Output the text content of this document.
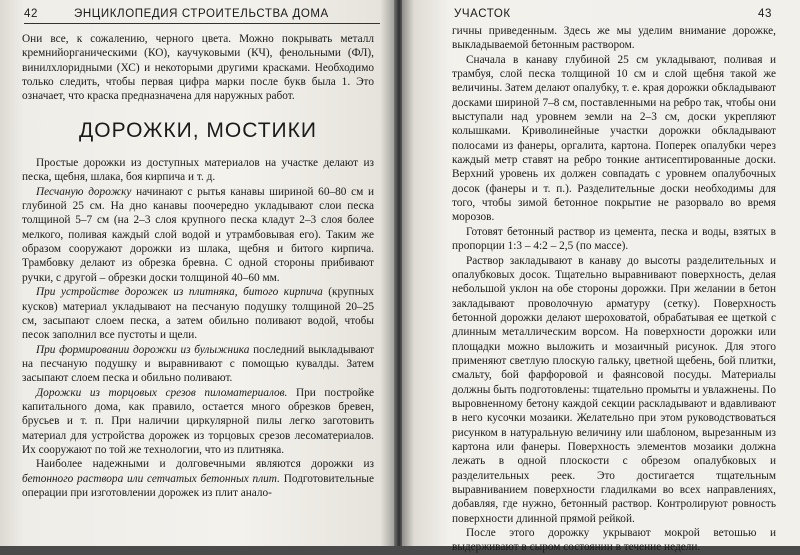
42	ЭНЦИКЛОПЕДИЯ СТРОИТЕЛЬСТВА ДОМА

Они все, к сожалению, черного цвета. Можно покрывать металл кремнийорганическими (КО), каучуковыми (КЧ), фенольными (ФЛ), винилхлоридными (ХС) и некоторыми другими красками. Необходимо только следить, чтобы первая цифра марки после букв была 1. Это означает, что краска предназначена для наружных работ.

ДОРОЖКИ, МОСТИКИ

Простые дорожки из доступных материалов на участке делают из песка, щебня, шлака, боя кирпича и т. д.

Песчаную дорожку начинают с рытья канавы шириной 60–80 см и глубиной 25 см. На дно канавы поочередно укладывают слои песка толщиной 5–7 см (на 2–3 слоя крупного песка кладут 2–3 слоя более мелкого, поливая каждый слой водой и утрамбовывая его). Таким же образом сооружают дорожки из шлака, щебня и битого кирпича. Трамбовку делают из обрезка бревна. С одной стороны прибивают ручки, с другой – обрезки доски толщиной 40–60 мм.

При устройстве дорожек из плитняка, битого кирпича (крупных кусков) материал укладывают на песчаную подушку толщиной 20–25 см, засыпают слоем песка, а затем обильно поливают водой, чтобы песок заполнил все пустоты и щели.

При формировании дорожки из булыжника последний выкладывают на песчаную подушку и выравнивают с помощью кувалды. Затем засыпают слоем песка и обильно поливают.

Дорожки из торцовых срезов пиломатериалов. При постройке капитального дома, как правило, остается много обрезков бревен, брусьев и т. п. При наличии циркулярной пилы легко заготовить материал для устройства дорожек из торцовых срезов лесоматериалов. Их сооружают по той же технологии, что из плитняка.

Наиболее надежными и долговечными являются дорожки из бетонного раствора или сетчатых бетонных плит. Подготовительные операции при изготовлении дорожек из плит анало-

УЧАСТОК	43

гичны приведенным. Здесь же мы уделим внимание дорожке, выкладываемой бетонным раствором.

Сначала в канаву глубиной 25 см укладывают, поливая и трамбуя, слой песка толщиной 10 см и слой щебня такой же величины. Затем делают опалубку, т. е. края дорожки обкладывают досками шириной 7–8 см, поставленными на ребро так, чтобы они выступали над уровнем земли на 2–3 см, доски укрепляют колышками. Криволинейные участки дорожки обкладывают полосами из фанеры, оргалита, картона. Поперек опалубки через каждый метр ставят на ребро тонкие антисептированные доски. Верхний уровень их должен совпадать с уровнем опалубочных досок (фанеры и т. п.). Разделительные доски необходимы для того, чтобы зимой бетонное покрытие не разорвало во время морозов.

Готовят бетонный раствор из цемента, песка и воды, взятых в пропорции 1:3 – 4:2 – 2,5 (по массе).

Раствор закладывают в канаву до высоты разделительных и опалубковых досок. Тщательно выравнивают поверхность, делая небольшой уклон на обе стороны дорожки. При желании в бетон закладывают проволочную арматуру (сетку). Поверхность бетонной дорожки делают шероховатой, обрабатывая ее щеткой с длинным металлическим ворсом. На поверхности дорожки или площадки можно выложить и мозаичный рисунок. Для этого применяют светлую плоскую гальку, цветной щебень, бой плитки, смальту, бой фарфоровой и фаянсовой посуды. Материалы должны быть подготовлены: тщательно промыты и увлажнены. По выровненному бетону каждой секции раскладывают и вдавливают в него кусочки мозаики. Желательно при этом руководствоваться рисунком в натуральную величину или шаблоном, вырезанным из картона или фанеры. Поверхность элементов мозаики должна лежать в одной плоскости с обрезом опалубковых и разделительных реек. Это достигается тщательным выравниванием поверхности гладилками во всех направлениях, добавляя, где нужно, бетонный раствор. Контролируют ровность поверхности длинной прямой рейкой.

После этого дорожку укрывают мокрой ветошью и выдерживают в сыром состоянии в течение недели.
